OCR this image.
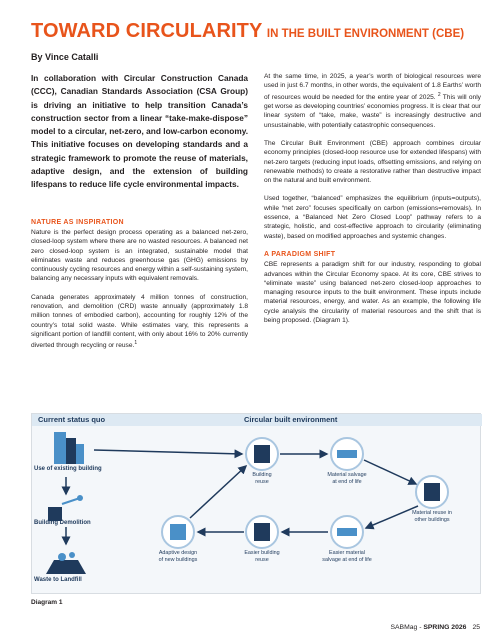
TOWARD CIRCULARITY IN THE BUILT ENVIRONMENT (CBE)
By Vince Catalli
In collaboration with Circular Construction Canada (CCC), Canadian Standards Association (CSA Group) is driving an initiative to help transition Canada’s construction sector from a linear “take-make-dispose” model to a circular, net-zero, and low-carbon economy. This initiative focuses on developing standards and a strategic framework to promote the reuse of materials, adaptive design, and the extension of building lifespans to reduce life cycle environmental impacts.
NATURE AS INSPIRATION

Nature is the perfect design process operating as a balanced net-zero, closed-loop system where there are no wasted resources. A balanced net zero closed-loop system is an integrated, sustainable model that eliminates waste and reduces greenhouse gas (GHG) emissions by continuously cycling resources and energy within a self-sustaining system, balancing any necessary inputs with equivalent removals.

Canada generates approximately 4 million tonnes of construction, renovation, and demolition (CRD) waste annually (approximately 1.8 million tonnes of embodied carbon), accounting for roughly 12% of the country’s total solid waste. While estimates vary, this represents a significant portion of landfill content, with only about 16% to 20% currently diverted through recycling or reuse.$^1$

At the same time, in 2025, a year’s worth of biological resources were used in just 6.7 months, in other words, the equivalent of 1.8 Earths’ worth of resources would be needed for the entire year of 2025. $^2$ This will only get worse as developing countries’ economies progress. It is clear that our linear system of “take, make, waste” is increasingly destructive and unsustainable, with potentially catastrophic consequences.

The Circular Built Environment (CBE) approach combines circular economy principles (closed-loop resource use for extended lifespans) with net-zero targets (reducing input loads, offsetting emissions, and relying on renewable methods) to create a restorative rather than destructive impact on the natural and built environment.

Used together, “balanced” emphasizes the equilibrium (inputs=outputs), while “net zero” focuses specifically on carbon (emissions=removals). In essence, a “Balanced Net Zero Closed Loop” pathway refers to a strategic, holistic, and cost-effective approach to circularity (eliminating waste), based on modified approaches and systemic changes.

A PARADIGM SHIFT

CBE represents a paradigm shift for our industry, responding to global advances within the Circular Economy space. At its core, CBE strives to “eliminate waste” using balanced net-zero closed-loop approaches to managing resource inputs to the built environment. These inputs include material resources, energy, and water. As an example, the following life cycle analysis the circularity of material resources and the shift that is being proposed. (Diagram 1).

Current status quo	Circular built environment
Use of existing building
Building Demolition
Waste to Landfill
Building
reuse
Material salvage
at end of life
Material reuse in
other buildings
Adaptive design
of new buildings
Easier building
reuse
Easier material
salvage at end of life
Diagram 1
SABMag - SPRING 2026 25
